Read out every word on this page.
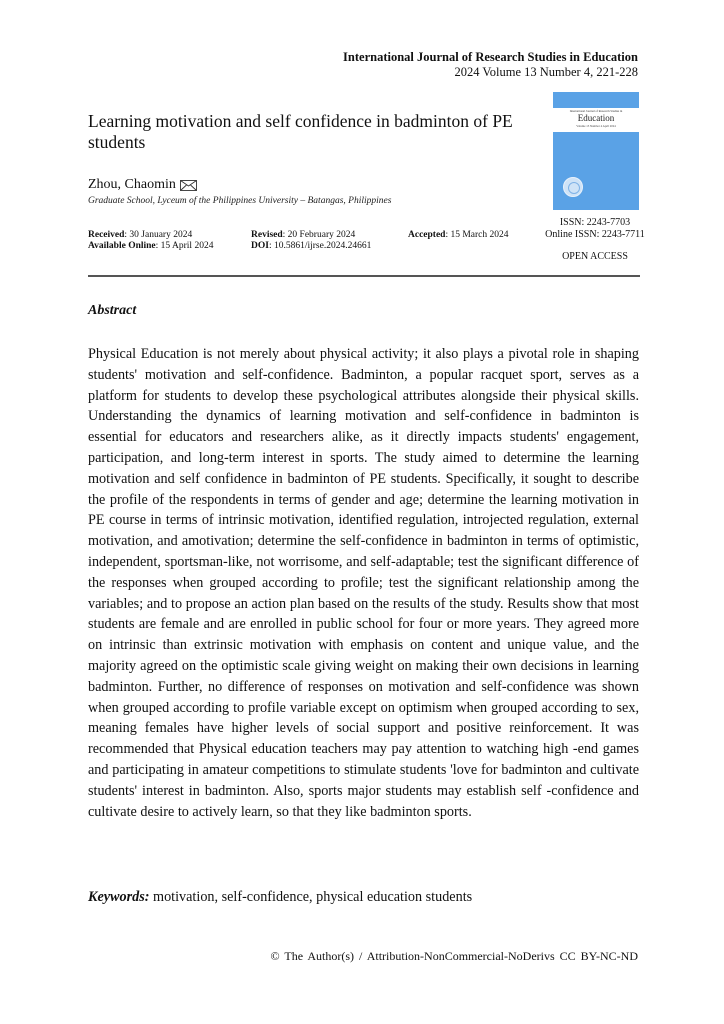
International Journal of Research Studies in Education
2024 Volume 13 Number 4, 221-228
International Journal of Research Studies in
Education
Volume 13 Number 4 April 2024
ISSN: 2243-7703
Online ISSN: 2243-7711
OPEN ACCESS
Learning motivation and self confidence in badminton of PE students
Zhou, Chaomin
Graduate School, Lyceum of the Philippines University – Batangas, Philippines
Received: 30 January 2024
Available Online: 15 April 2024
Revised: 20 February 2024
DOI: 10.5861/ijrse.2024.24661
Accepted: 15 March 2024
Abstract
Physical Education is not merely about physical activity; it also plays a pivotal role in shaping students' motivation and self-confidence. Badminton, a popular racquet sport, serves as a platform for students to develop these psychological attributes alongside their physical skills. Understanding the dynamics of learning motivation and self-confidence in badminton is essential for educators and researchers alike, as it directly impacts students' engagement, participation, and long-term interest in sports. The study aimed to determine the learning motivation and self confidence in badminton of PE students. Specifically, it sought to describe the profile of the respondents in terms of gender and age; determine the learning motivation in PE course in terms of intrinsic motivation, identified regulation, introjected regulation, external motivation, and amotivation; determine the self-confidence in badminton in terms of optimistic, independent, sportsman-like, not worrisome, and self-adaptable; test the significant difference of the responses when grouped according to profile; test the significant relationship among the variables; and to propose an action plan based on the results of the study. Results show that most students are female and are enrolled in public school for four or more years. They agreed more on intrinsic than extrinsic motivation with emphasis on content and unique value, and the majority agreed on the optimistic scale giving weight on making their own decisions in learning badminton. Further, no difference of responses on motivation and self-confidence was shown when grouped according to profile variable except on optimism when grouped according to sex, meaning females have higher levels of social support and positive reinforcement. It was recommended that Physical education teachers may pay attention to watching high -end games and participating in amateur competitions to stimulate students 'love for badminton and cultivate students' interest in badminton. Also, sports major students may establish self -confidence and cultivate desire to actively learn, so that they like badminton sports.
Keywords: motivation, self-confidence, physical education students
© The Author(s) / Attribution-NonCommercial-NoDerivs CC BY-NC-ND
